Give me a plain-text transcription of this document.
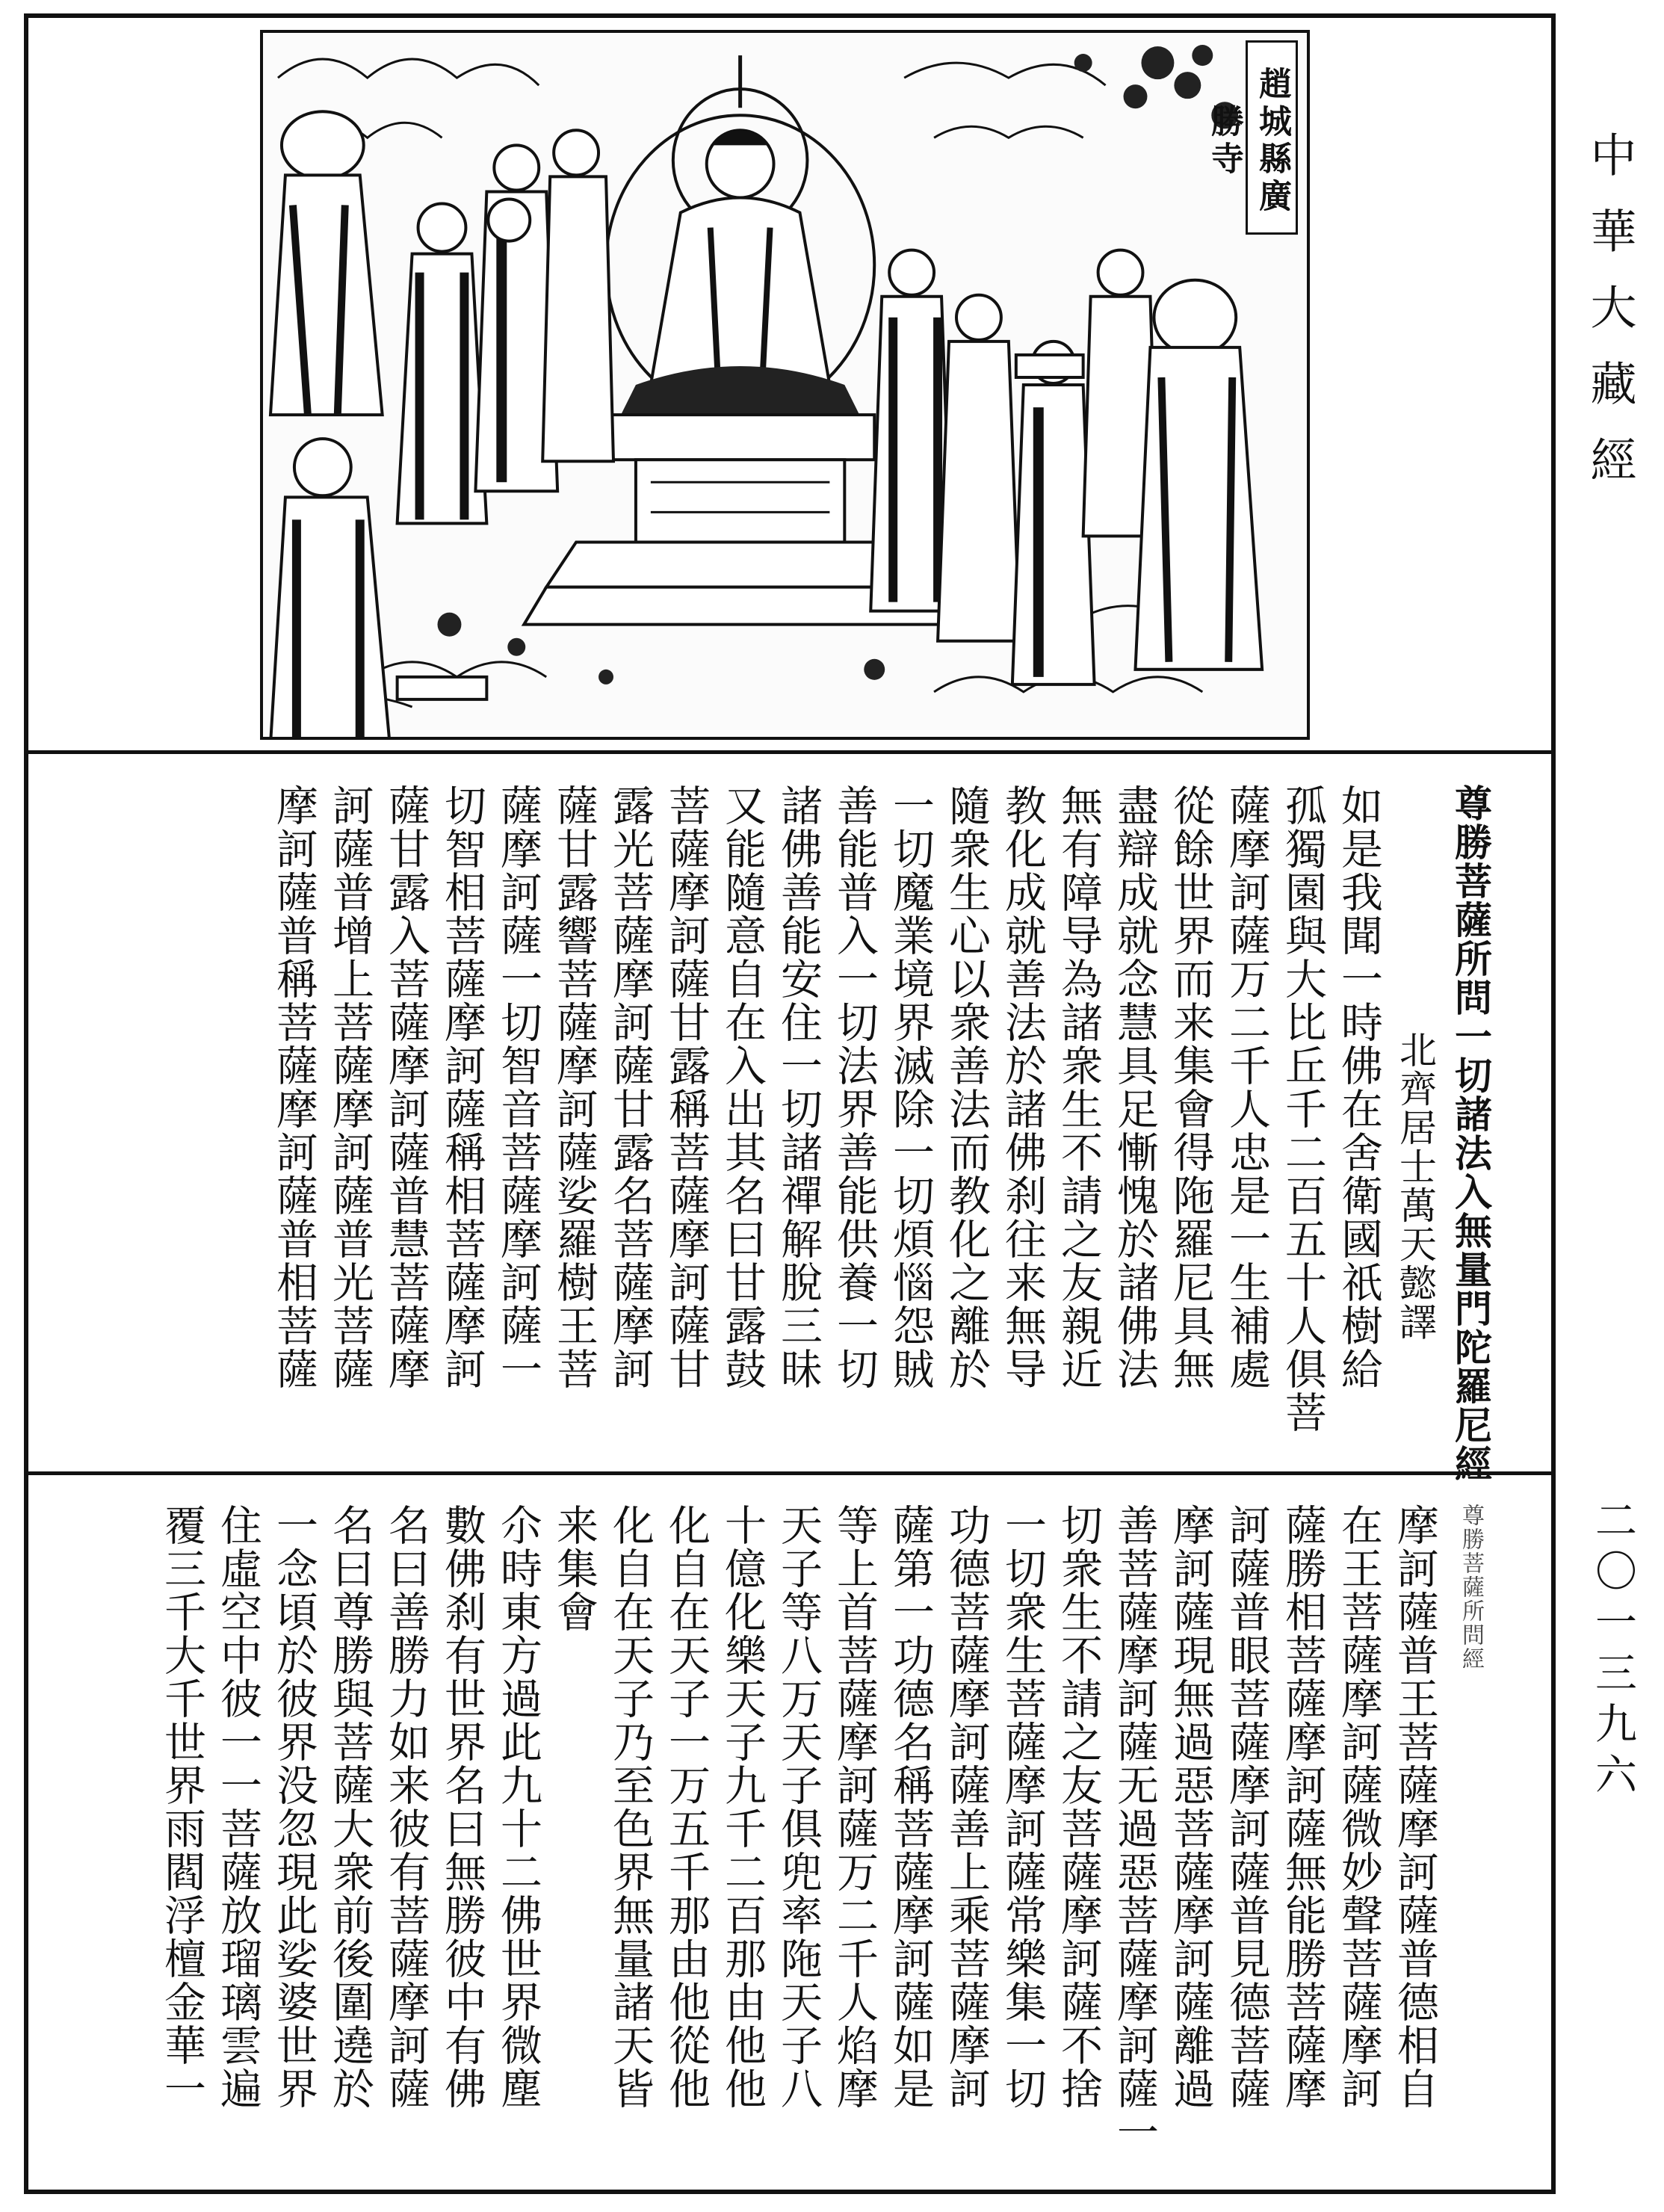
趙城縣廣勝寺

尊勝菩薩所問一切諸法入無量門陀羅尼經

北齊居士萬天懿譯

如是我聞一時佛在舍衛國祇樹給

孤獨園與大比丘千二百五十人俱菩

薩摩訶薩万二千人忠是一生補處

從餘世界而来集會得陁羅尼具無

盡辯成就念慧具足慚愧於諸佛法

無有障导為諸衆生不請之友親近

教化成就善法於諸佛刹往来無导

隨衆生心以衆善法而教化之離於

一切魔業境界滅除一切煩惱怨賊

善能普入一切法界善能供養一切

諸佛善能安住一切諸禪解脫三昧

又能隨意自在入出其名曰甘露鼓

菩薩摩訶薩甘露稱菩薩摩訶薩甘

露光菩薩摩訶薩甘露名菩薩摩訶

薩甘露響菩薩摩訶薩娑羅樹王菩

薩摩訶薩一切智音菩薩摩訶薩一

切智相菩薩摩訶薩稱相菩薩摩訶

薩甘露入菩薩摩訶薩普慧菩薩摩

訶薩普增上菩薩摩訶薩普光菩薩

摩訶薩普稱菩薩摩訶薩普相菩薩

尊勝菩薩所問經

摩訶薩普王菩薩摩訶薩普德相自

在王菩薩摩訶薩微妙聲菩薩摩訶

薩勝相菩薩摩訶薩無能勝菩薩摩

訶薩普眼菩薩摩訶薩普見德菩薩

摩訶薩現無過惡菩薩摩訶薩離過

善菩薩摩訶薩无過惡菩薩摩訶薩一

切衆生不請之友菩薩摩訶薩不捨

一切衆生菩薩摩訶薩常樂集一切

功德菩薩摩訶薩善上乘菩薩摩訶

薩第一功德名稱菩薩摩訶薩如是

等上首菩薩摩訶薩万二千人焰摩

天子等八万天子俱兜率陁天子八

十億化樂天子九千二百那由他他

化自在天子一万五千那由他從他

化自在天子乃至色界無量諸天皆

来集會

尒時東方過此九十二佛世界微塵

數佛刹有世界名曰無勝彼中有佛

名曰善勝力如来彼有菩薩摩訶薩

名曰尊勝與菩薩大衆前後圍遶於

一念頃於彼界没忽現此娑婆世界

住虛空中彼一一菩薩放瑠璃雲遍

覆三千大千世界雨閻浮檀金華一

中華大藏經
二〇一三九六
